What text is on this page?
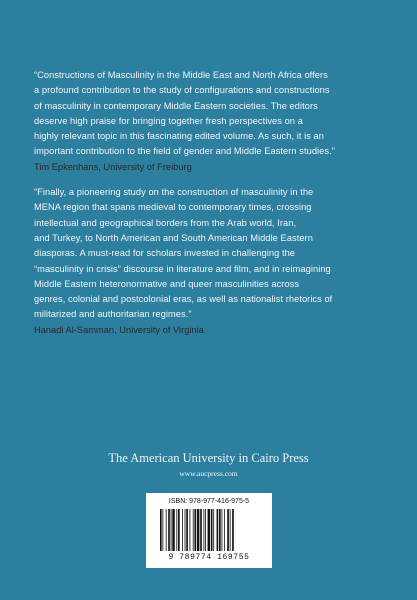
“Constructions of Masculinity in the Middle East and North Africa offers
a profound contribution to the study of configurations and constructions
of masculinity in contemporary Middle Eastern societies. The editors
deserve high praise for bringing together fresh perspectives on a
highly relevant topic in this fascinating edited volume. As such, it is an
important contribution to the field of gender and Middle Eastern studies.”

Tim Epkenhans, University of Freiburg

“Finally, a pioneering study on the construction of masculinity in the
MENA region that spans medieval to contemporary times, crossing
intellectual and geographical borders from the Arab world, Iran,
and Turkey, to North American and South American Middle Eastern
diasporas. A must-read for scholars invested in challenging the
“masculinity in crisis” discourse in literature and film, and in reimagining
Middle Eastern heteronormative and queer masculinities across
genres, colonial and postcolonial eras, as well as nationalist rhetorics of
militarized and authoritarian regimes.”

Hanadi Al-Samman, University of Virginia

The American University in Cairo Press
www.aucpress.com
ISBN: 978-977-416-975-5
9 789774 169755
